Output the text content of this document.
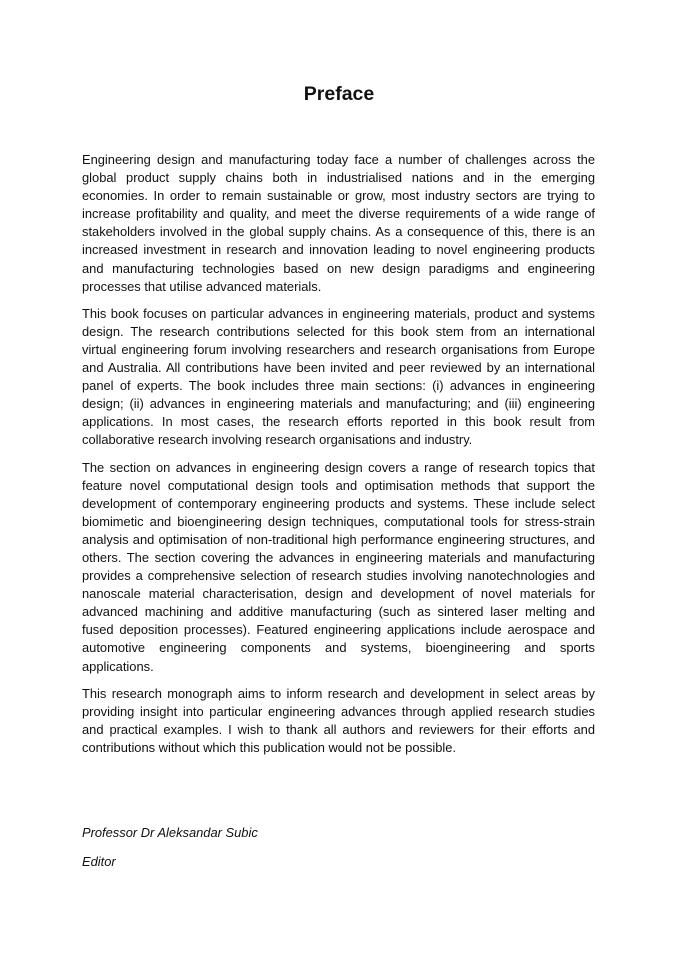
Preface

Engineering design and manufacturing today face a number of challenges across the global product supply chains both in industrialised nations and in the emerging economies. In order to remain sustainable or grow, most industry sectors are trying to increase profitability and quality, and meet the diverse requirements of a wide range of stakeholders involved in the global supply chains. As a consequence of this, there is an increased investment in research and innovation leading to novel engineering products and manufacturing technologies based on new design paradigms and engineering processes that utilise advanced materials.

This book focuses on particular advances in engineering materials, product and systems design. The research contributions selected for this book stem from an international virtual engineering forum involving researchers and research organisations from Europe and Australia. All contributions have been invited and peer reviewed by an international panel of experts. The book includes three main sections: (i) advances in engineering design; (ii) advances in engineering materials and manufacturing; and (iii) engineering applications. In most cases, the research efforts reported in this book result from collaborative research involving research organisations and industry.

The section on advances in engineering design covers a range of research topics that feature novel computational design tools and optimisation methods that support the development of contemporary engineering products and systems. These include select biomimetic and bioengineering design techniques, computational tools for stress-strain analysis and optimisation of non-traditional high performance engineering structures, and others. The section covering the advances in engineering materials and manufacturing provides a comprehensive selection of research studies involving nanotechnologies and nanoscale material characterisation, design and development of novel materials for advanced machining and additive manufacturing (such as sintered laser melting and fused deposition processes). Featured engineering applications include aerospace and automotive engineering components and systems, bioengineering and sports applications.

This research monograph aims to inform research and development in select areas by providing insight into particular engineering advances through applied research studies and practical examples. I wish to thank all authors and reviewers for their efforts and contributions without which this publication would not be possible.

Professor Dr Aleksandar Subic

Editor
